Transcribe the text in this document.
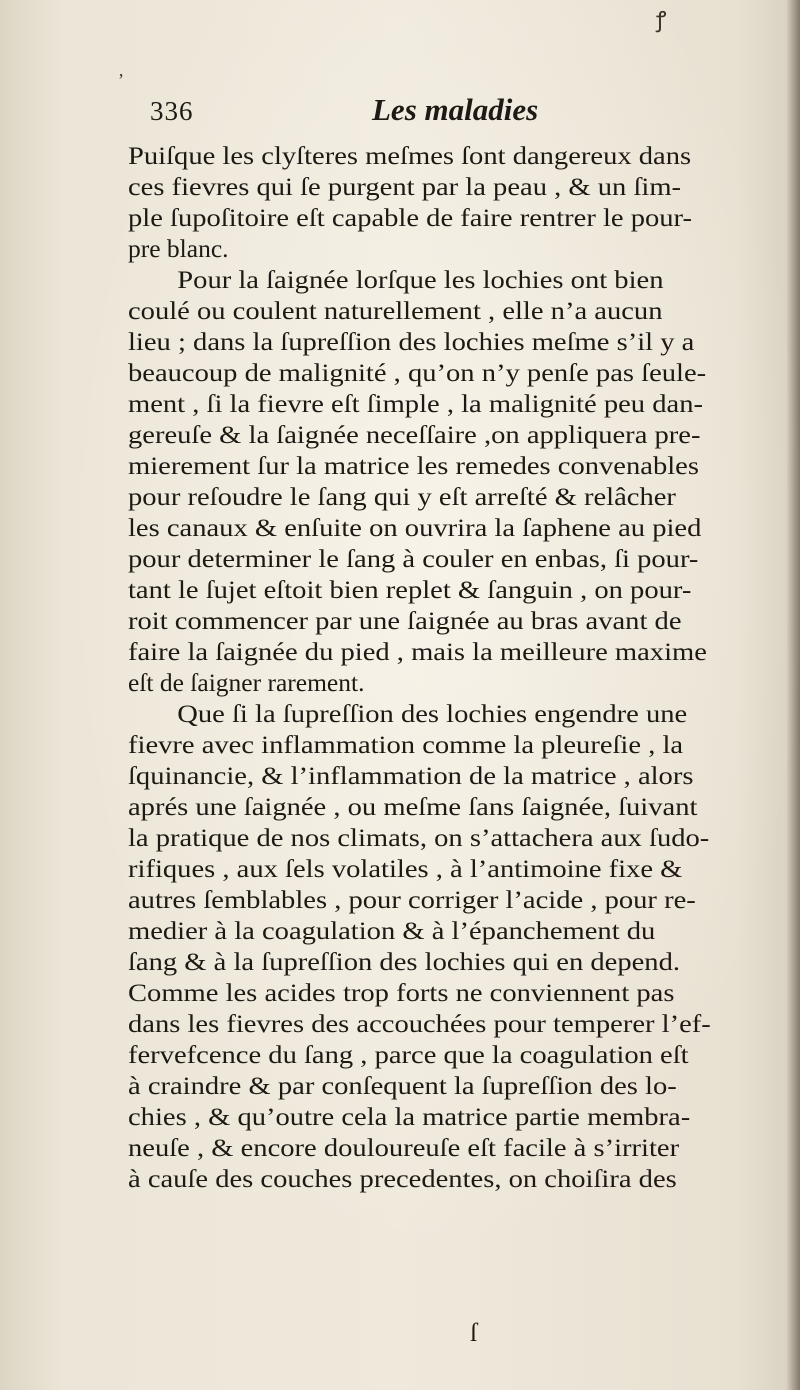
ꝭ
ʼ
336	Les maladies
Puiſque les clyſteres meſmes ſont dangereux dans
ces fievres qui ſe purgent par la peau , & un ſim-
ple ſupoſitoire eſt capable de faire rentrer le pour-
pre blanc.
Pour la ſaignée lorſque les lochies ont bien
coulé ou coulent naturellement , elle n’a aucun
lieu ; dans la ſupreſſion des lochies meſme s’il y a
beaucoup de malignité , qu’on n’y penſe pas ſeule-
ment , ſi la fievre eſt ſimple , la malignité peu dan-
gereuſe & la ſaignée neceſſaire ,on appliquera pre-
mierement ſur la matrice les remedes convenables
pour reſoudre le ſang qui y eſt arreſté & relâcher
les canaux & enſuite on ouvrira la ſaphene au pied
pour determiner le ſang à couler en enbas, ſi pour-
tant le ſujet eſtoit bien replet & ſanguin , on pour-
roit commencer par une ſaignée au bras avant de
faire la ſaignée du pied , mais la meilleure maxime
eſt de ſaigner rarement.
Que ſi la ſupreſſion des lochies engendre une
fievre avec inflammation comme la pleureſie , la
ſquinancie, & l’inflammation de la matrice , alors
aprés une ſaignée , ou meſme ſans ſaignée, ſuivant
la pratique de nos climats, on s’attachera aux ſudo-
rifiques , aux ſels volatiles , à l’antimoine fixe &
autres ſemblables , pour corriger l’acide , pour re-
medier à la coagulation & à l’épanchement du
ſang & à la ſupreſſion des lochies qui en depend.
Comme les acides trop forts ne conviennent pas
dans les fievres des accouchées pour temperer l’ef-
fervefcence du ſang , parce que la coagulation eſt
à craindre & par conſequent la ſupreſſion des lo-
chies , & qu’outre cela la matrice partie membra-
neuſe , & encore douloureuſe eſt facile à s’irriter
à cauſe des couches precedentes, on choiſira des
ſ
